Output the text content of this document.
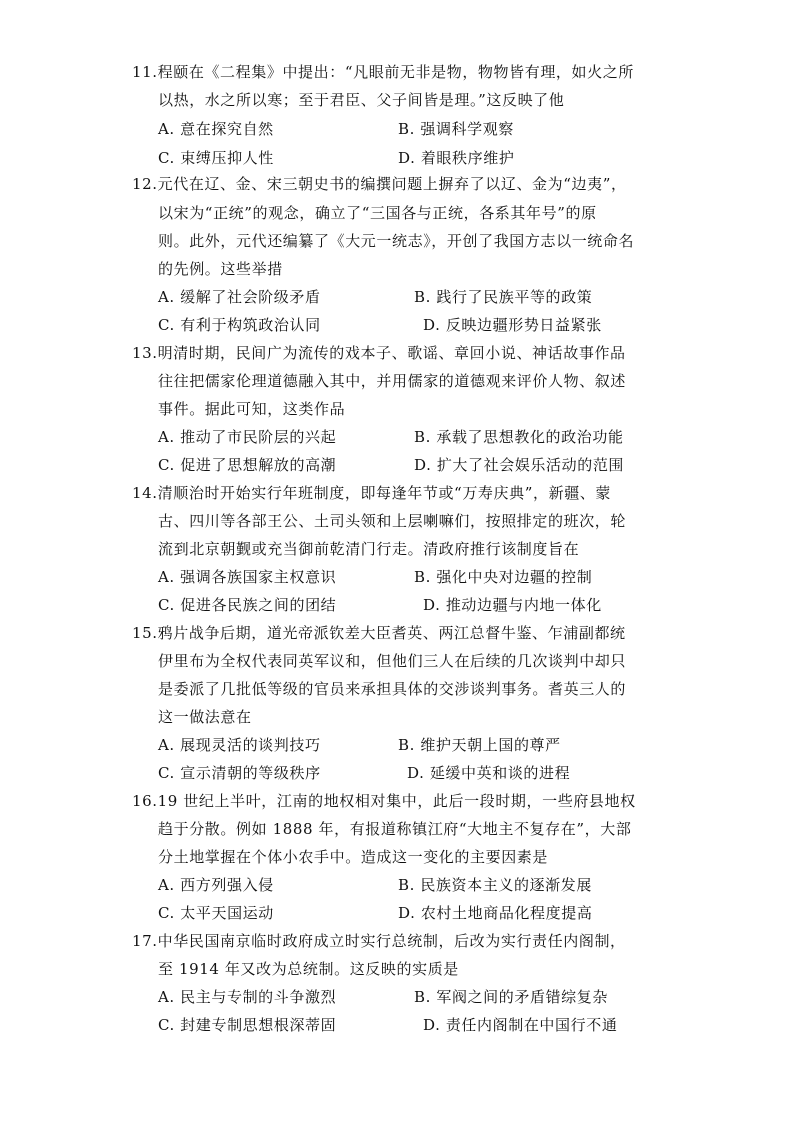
11.程颐在《二程集》中提出：“凡眼前无非是物，物物皆有理，如火之所
以热，水之所以寒；至于君臣、父子间皆是理。”这反映了他
A. 意在探究自然	B. 强调科学观察
C. 束缚压抑人性	D. 着眼秩序维护
12.元代在辽、金、宋三朝史书的编撰问题上摒弃了以辽、金为“边夷”，
以宋为“正统”的观念，确立了“三国各与正统，各系其年号”的原
则。此外，元代还编纂了《大元一统志》，开创了我国方志以一统命名
的先例。这些举措
A. 缓解了社会阶级矛盾	B. 践行了民族平等的政策
C. 有利于构筑政治认同	D. 反映边疆形势日益紧张
13.明清时期，民间广为流传的戏本子、歌谣、章回小说、神话故事作品
往往把儒家伦理道德融入其中，并用儒家的道德观来评价人物、叙述
事件。据此可知，这类作品
A. 推动了市民阶层的兴起	B. 承载了思想教化的政治功能
C. 促进了思想解放的高潮	D. 扩大了社会娱乐活动的范围
14.清顺治时开始实行年班制度，即每逢年节或“万寿庆典”，新疆、蒙
古、四川等各部王公、土司头领和上层喇嘛们，按照排定的班次，轮
流到北京朝觐或充当御前乾清门行走。清政府推行该制度旨在
A. 强调各族国家主权意识	B. 强化中央对边疆的控制
C. 促进各民族之间的团结	D. 推动边疆与内地一体化
15.鸦片战争后期，道光帝派钦差大臣耆英、两江总督牛鉴、乍浦副都统
伊里布为全权代表同英军议和，但他们三人在后续的几次谈判中却只
是委派了几批低等级的官员来承担具体的交涉谈判事务。耆英三人的
这一做法意在
A. 展现灵活的谈判技巧	B. 维护天朝上国的尊严
C. 宣示清朝的等级秩序	D. 延缓中英和谈的进程
16.19 世纪上半叶，江南的地权相对集中，此后一段时期，一些府县地权
趋于分散。例如 1888 年，有报道称镇江府“大地主不复存在”，大部
分土地掌握在个体小农手中。造成这一变化的主要因素是
A. 西方列强入侵	B. 民族资本主义的逐渐发展
C. 太平天国运动	D. 农村土地商品化程度提高
17.中华民国南京临时政府成立时实行总统制，后改为实行责任内阁制，
至 1914 年又改为总统制。这反映的实质是
A. 民主与专制的斗争激烈	B. 军阀之间的矛盾错综复杂
C. 封建专制思想根深蒂固	D. 责任内阁制在中国行不通
